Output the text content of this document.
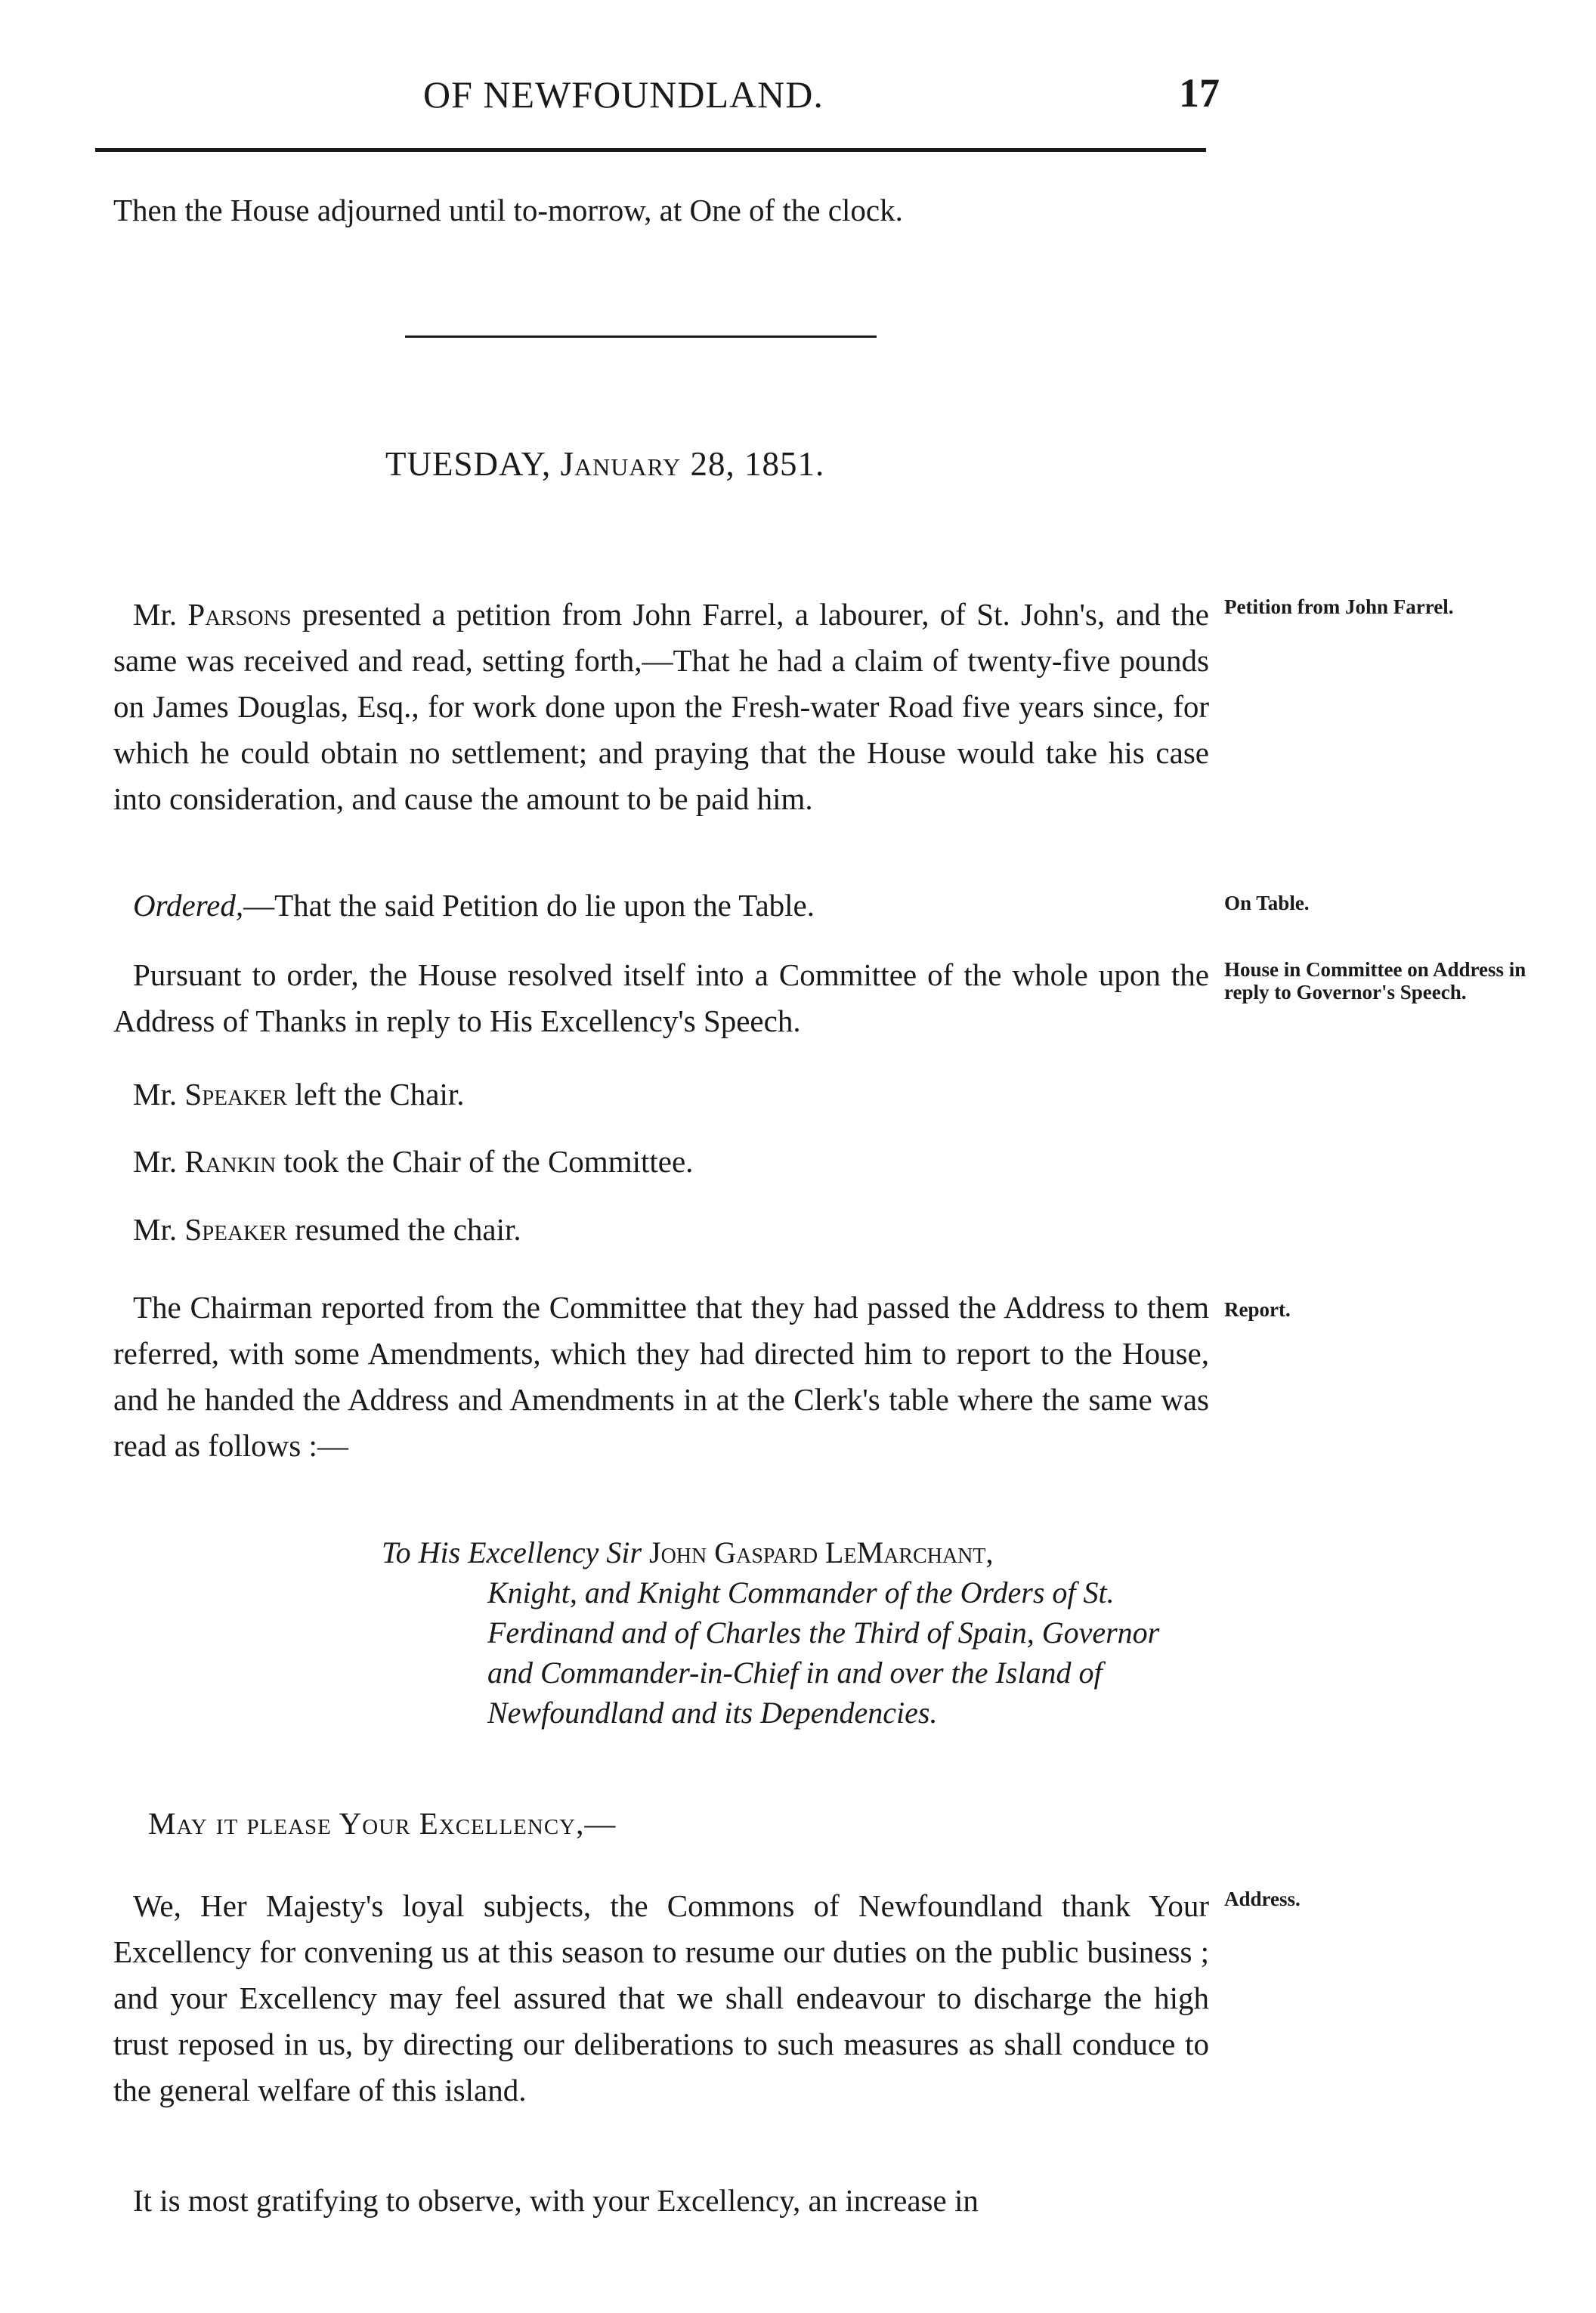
OF NEWFOUNDLAND.	17
Then the House adjourned until to-morrow, at One of the clock.
TUESDAY, January 28, 1851.
Mr. Parsons presented a petition from John Farrel, a labourer, of St. John's, and the same was received and read, setting forth,—That he had a claim of twenty-five pounds on James Douglas, Esq., for work done upon the Fresh-water Road five years since, for which he could obtain no settlement; and praying that the House would take his case into consideration, and cause the amount to be paid him.
Petition from John Farrel.
Ordered,—That the said Petition do lie upon the Table.	On Table.
Pursuant to order, the House resolved itself into a Committee of the whole upon the Address of Thanks in reply to His Excellency's Speech.
House in Committee on Address in reply to Governor's Speech.
Mr. Speaker left the Chair.
Mr. Rankin took the Chair of the Committee.
Mr. Speaker resumed the chair.
The Chairman reported from the Committee that they had passed the Address to them referred, with some Amendments, which they had directed him to report to the House, and he handed the Address and Amendments in at the Clerk's table where the same was read as follows :—
Report.
To His Excellency Sir John Gaspard LeMarchant,
Knight, and Knight Commander of the Orders of St. Ferdinand and of Charles the Third of Spain, Governor and Commander-in-Chief in and over the Island of Newfoundland and its Dependencies.
May it please Your Excellency,—
We, Her Majesty's loyal subjects, the Commons of Newfoundland thank Your Excellency for convening us at this season to resume our duties on the public business ; and your Excellency may feel assured that we shall endeavour to discharge the high trust reposed in us, by directing our deliberations to such measures as shall conduce to the general welfare of this island.
Address.
It is most gratifying to observe, with your Excellency, an increase in
